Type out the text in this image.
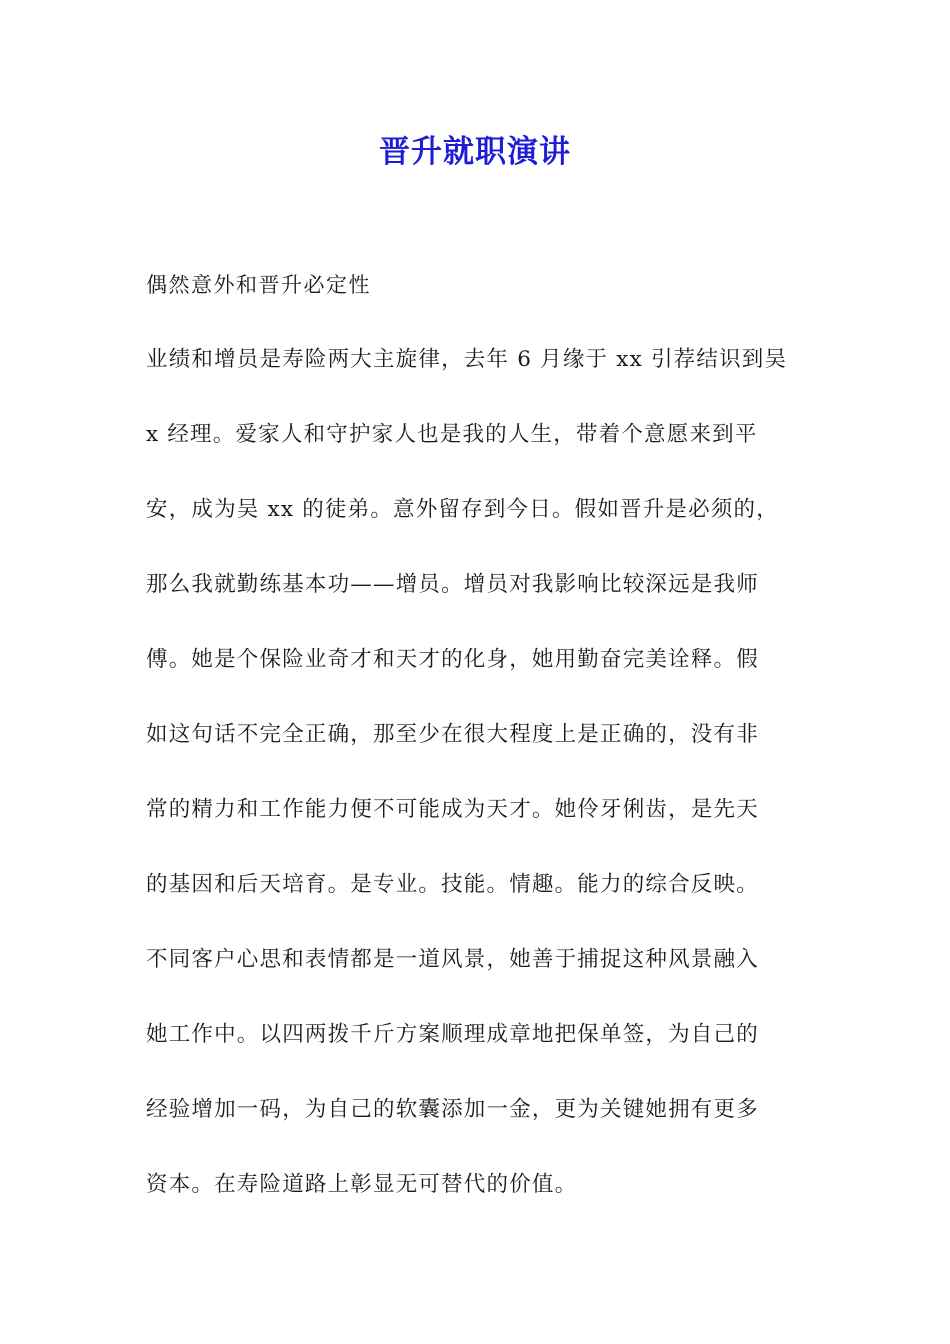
晋升就职演讲
偶然意外和晋升必定性
业绩和增员是寿险两大主旋律，去年 6 月缘于 xx 引荐结识到吴
x 经理。爱家人和守护家人也是我的人生，带着个意愿来到平
安，成为吴 xx 的徒弟。意外留存到今日。假如晋升是必须的，
那么我就勤练基本功——增员。增员对我影响比较深远是我师
傅。她是个保险业奇才和天才的化身，她用勤奋完美诠释。假
如这句话不完全正确，那至少在很大程度上是正确的，没有非
常的精力和工作能力便不可能成为天才。她伶牙俐齿，是先天
的基因和后天培育。是专业。技能。情趣。能力的综合反映。
不同客户心思和表情都是一道风景，她善于捕捉这种风景融入
她工作中。以四两拨千斤方案顺理成章地把保单签，为自己的
经验增加一码，为自己的软囊添加一金，更为关键她拥有更多
资本。在寿险道路上彰显无可替代的价值。
